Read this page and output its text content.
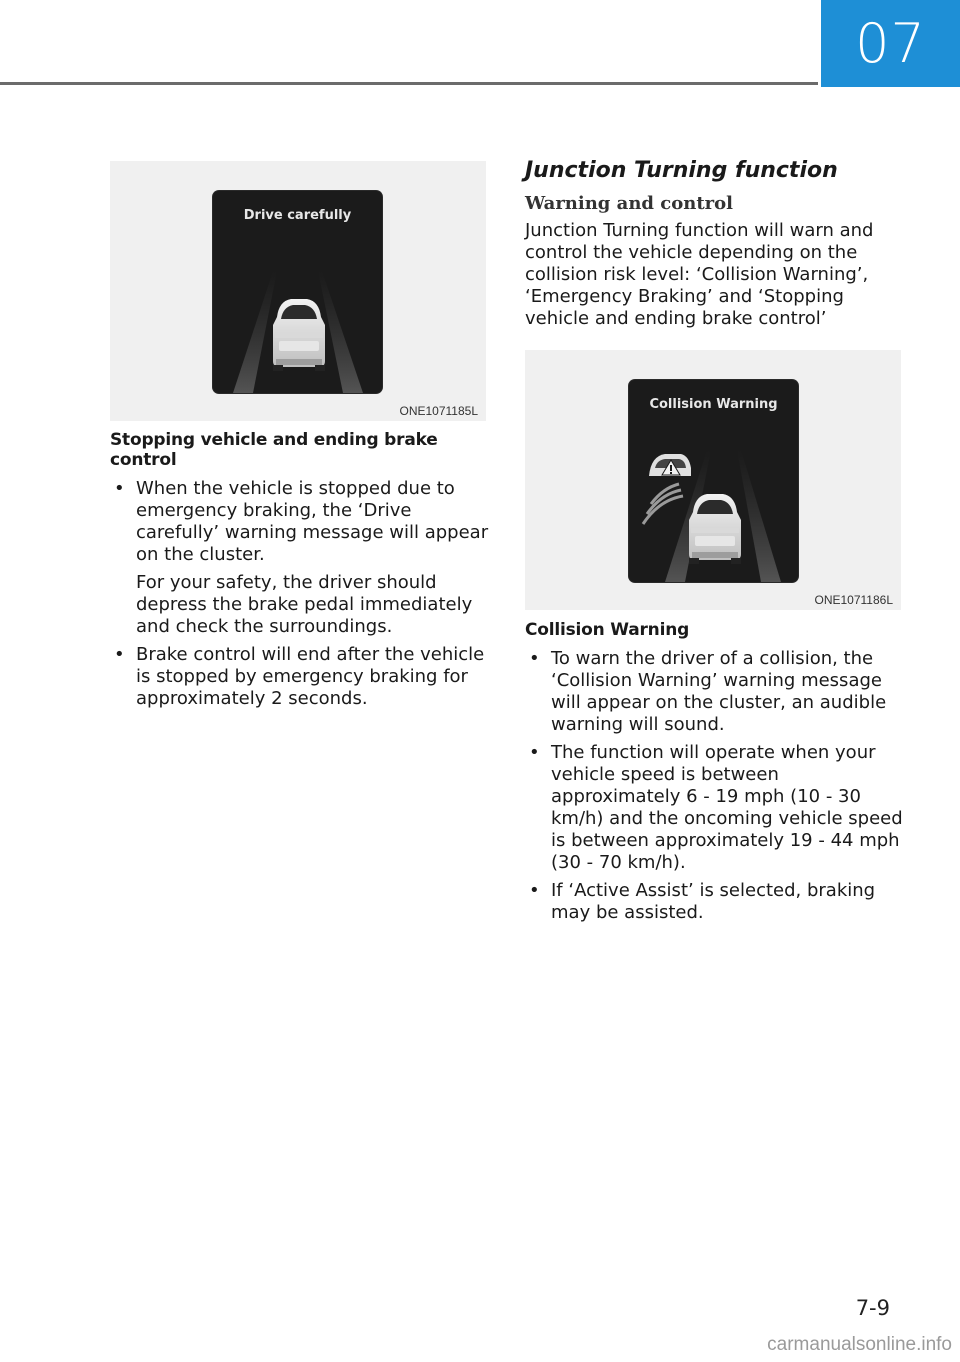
07
Drive carefully
ONE1071185L
Stopping vehicle and ending brake control
• When the vehicle is stopped due to emergency braking, the ‘Drive carefully’ warning message will appear on the cluster.

For your safety, the driver should depress the brake pedal immediately and check the surroundings.

• Brake control will end after the vehicle is stopped by emergency braking for approximately 2 seconds.
Junction Turning function
Warning and control

Junction Turning function will warn and control the vehicle depending on the collision risk level: ‘Collision Warning’, ‘Emergency Braking’ and ‘Stopping vehicle and ending brake control’

Collision Warning
ONE1071186L
Collision Warning
• To warn the driver of a collision, the ‘Collision Warning’ warning message will appear on the cluster, an audible warning will sound.
• The function will operate when your vehicle speed is between approximately 6 - 19 mph (10 - 30 km/h) and the oncoming vehicle speed is between approximately 19 - 44 mph (30 - 70 km/h).
• If ‘Active Assist’ is selected, braking may be assisted.
7-9
carmanualsonline.info
